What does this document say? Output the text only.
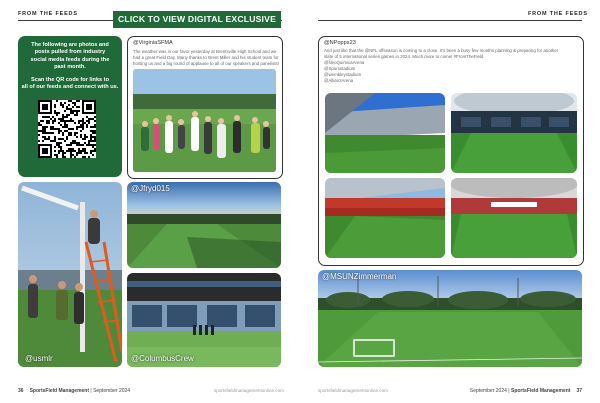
FROM THE FEEDS	CLICK TO VIEW DIGITAL EXCLUSIVE
The following are photos and
posts pulled from industry
social media feeds during the
past month.
Scan the QR code for links to
all of our feeds and connect with us.
@VirginiaSFMA
The weather was in our favor yesterday at Brentsville High School and we
had a great Field Day. Many thanks to Brent Miller and his student team for
hosting us and a big round of applause to all of our speakers and panelists!
@usmlr
@Jfryd015
@ColumbusCrew
36 SportsField Management | September 2024	sportsfieldmanagementonline.com
FROM THE FEEDS
@NPopps23
And just like that the @NFL offseason is coming to a close. It's been a busy few months planning & preparing for another
slate of 5 international series games in 2024. Much more to come! #FromTheField
@NeoQuimicaArena
@Spursstadium
@wembleystadium
@AllianzArena
@MSUNZimmerman
sportsfieldmanagementonline.com	September 2024 | SportsField Management 37
